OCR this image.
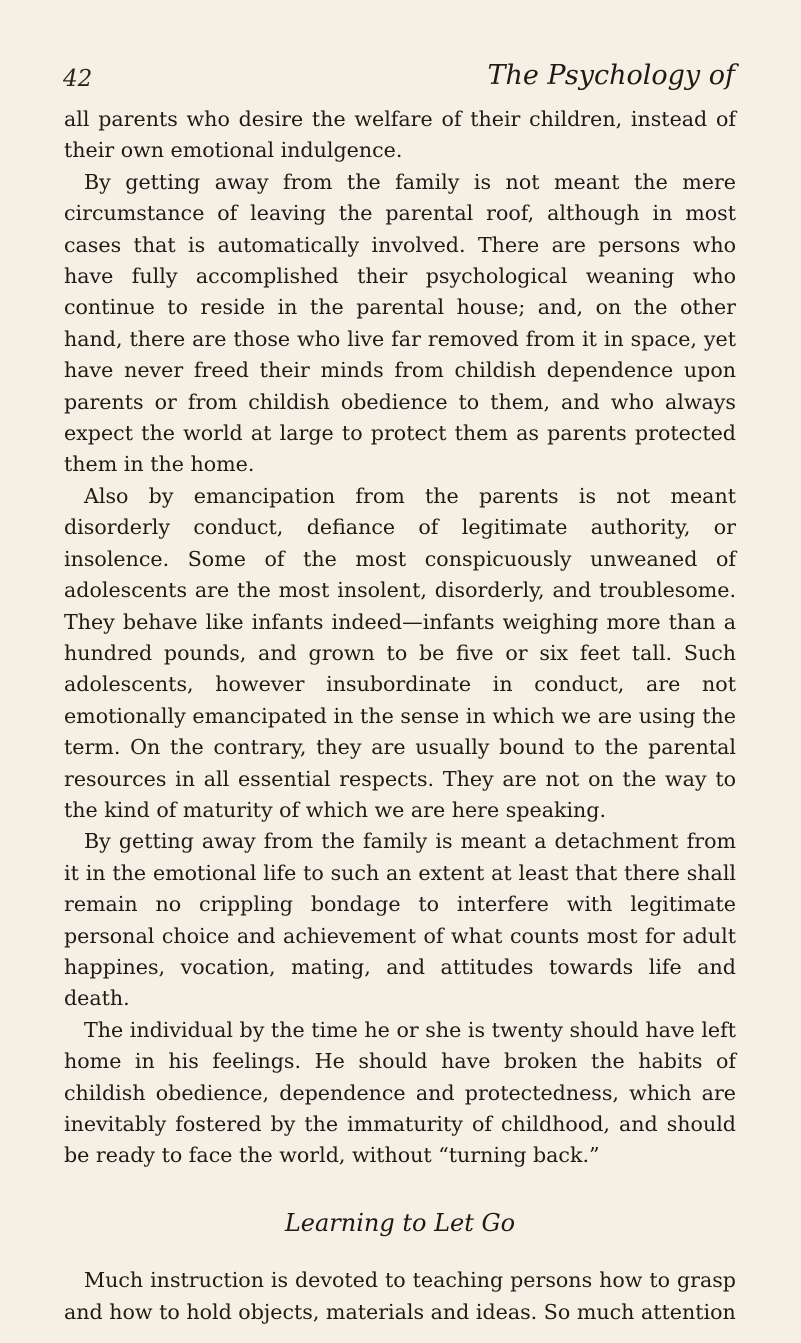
42	The Psychology of

all parents who desire the welfare of their children, instead of their own emotional indulgence.

By getting away from the family is not meant the mere circumstance of leaving the parental roof, although in most cases that is automatically involved. There are persons who have fully accomplished their psychological weaning who continue to reside in the parental house; and, on the other hand, there are those who live far removed from it in space, yet have never freed their minds from childish dependence upon parents or from childish obedience to them, and who always expect the world at large to protect them as parents protected them in the home.

Also by emancipation from the parents is not meant disorderly conduct, defiance of legitimate authority, or insolence. Some of the most conspicuously unweaned of adolescents are the most insolent, disorderly, and troublesome. They behave like infants indeed—infants weighing more than a hundred pounds, and grown to be five or six feet tall. Such adolescents, however insubordinate in conduct, are not emotionally emancipated in the sense in which we are using the term. On the contrary, they are usually bound to the parental resources in all essential respects. They are not on the way to the kind of maturity of which we are here speaking.

By getting away from the family is meant a detachment from it in the emotional life to such an extent at least that there shall remain no crippling bondage to interfere with legitimate personal choice and achievement of what counts most for adult happines, vocation, mating, and attitudes towards life and death.

The individual by the time he or she is twenty should have left home in his feelings. He should have broken the habits of childish obedience, dependence and protectedness, which are inevitably fostered by the immaturity of childhood, and should be ready to face the world, without “turning back.”

Learning to Let Go

Much instruction is devoted to teaching persons how to grasp and how to hold objects, materials and ideas. So much attention
